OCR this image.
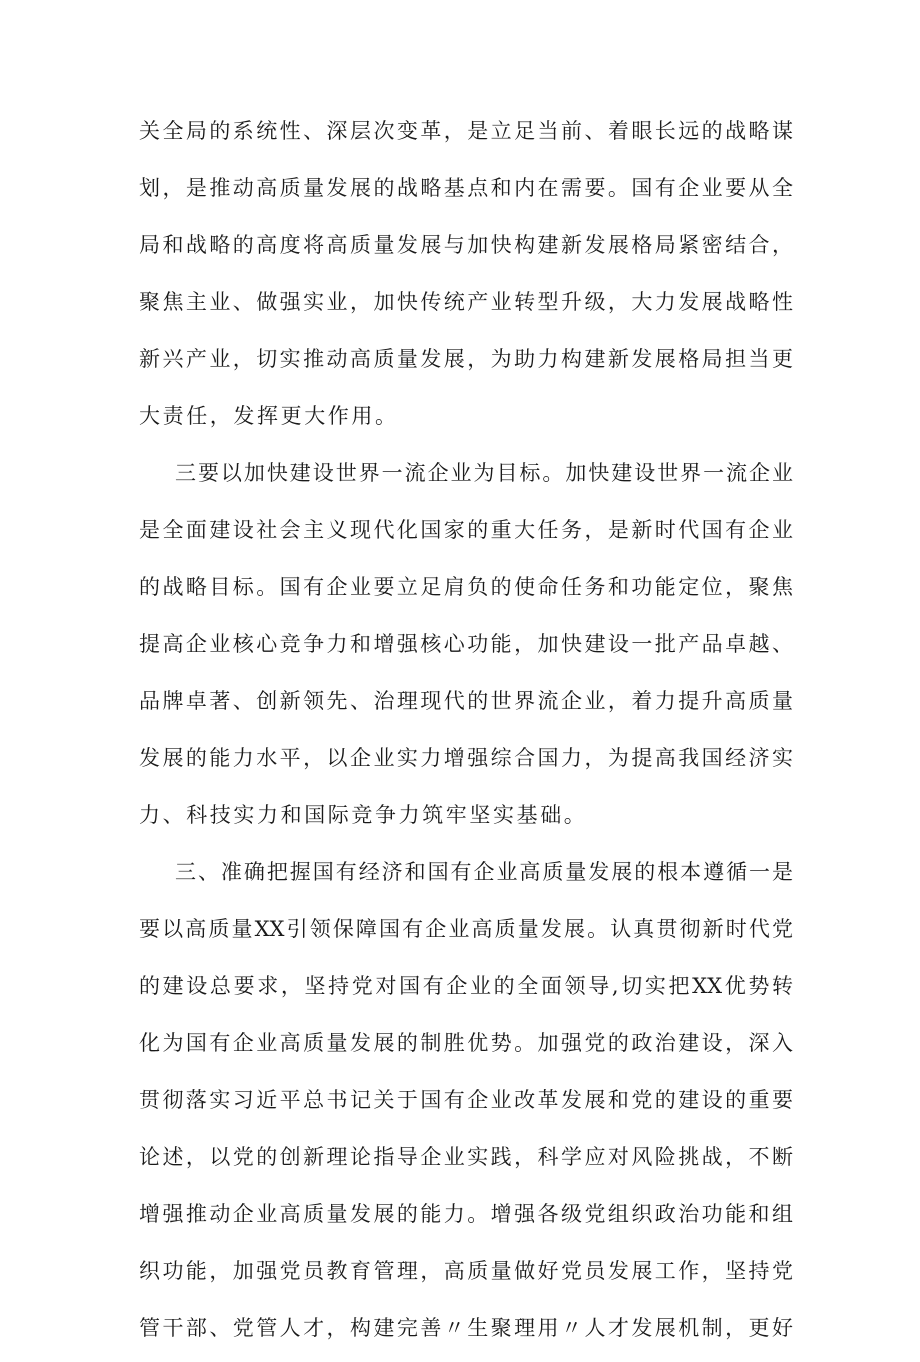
关全局的系统性、深层次变革，是立足当前、着眼长远的战略谋
划，是推动高质量发展的战略基点和内在需要。国有企业要从全
局和战略的高度将高质量发展与加快构建新发展格局紧密结合，
聚焦主业、做强实业，加快传统产业转型升级，大力发展战略性
新兴产业，切实推动高质量发展，为助力构建新发展格局担当更
大责任，发挥更大作用。
三要以加快建设世界一流企业为目标。加快建设世界一流企业
是全面建设社会主义现代化国家的重大任务，是新时代国有企业
的战略目标。国有企业要立足肩负的使命任务和功能定位，聚焦
提高企业核心竞争力和增强核心功能，加快建设一批产品卓越、
品牌卓著、创新领先、治理现代的世界流企业，着力提升高质量
发展的能力水平，以企业实力增强综合国力，为提高我国经济实
力、科技实力和国际竞争力筑牢坚实基础。
三、准确把握国有经济和国有企业高质量发展的根本遵循一是
要以高质量XX引领保障国有企业高质量发展。认真贯彻新时代党
的建设总要求，坚持党对国有企业的全面领导,切实把XX优势转
化为国有企业高质量发展的制胜优势。加强党的政治建设，深入
贯彻落实习近平总书记关于国有企业改革发展和党的建设的重要
论述，以党的创新理论指导企业实践，科学应对风险挑战，不断
增强推动企业高质量发展的能力。增强各级党组织政治功能和组
织功能，加强党员教育管理，高质量做好党员发展工作，坚持党
管干部、党管人才，构建完善〃生聚理用〃人才发展机制，更好
